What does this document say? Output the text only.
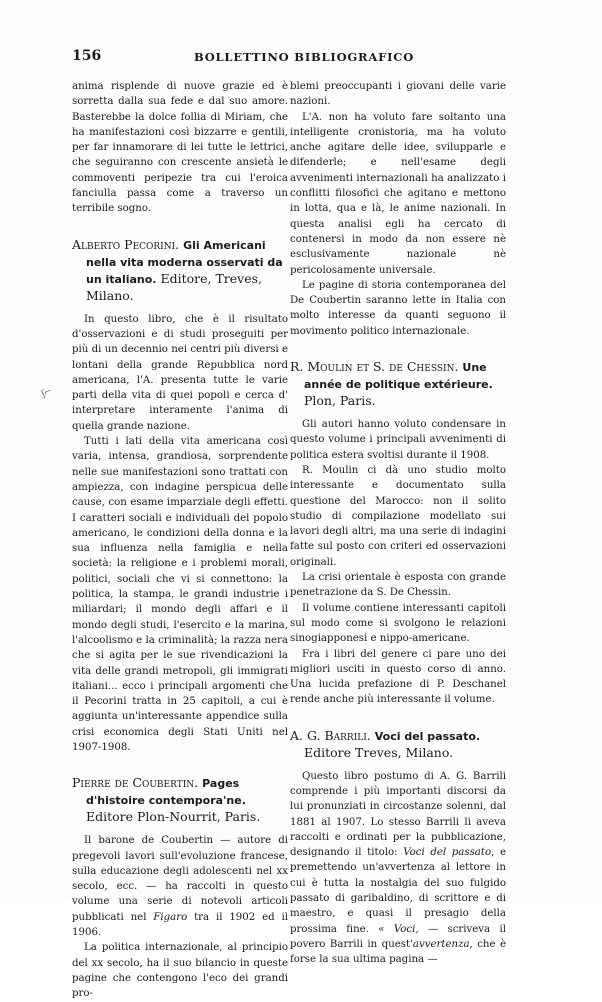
156	BOLLETTINO BIBLIOGRAFICO
ʃ⌐

anima risplende di nuove grazie ed è sorretta dalla sua fede e dal suo amore. Basterebbe la dolce follia di Miriam, che ha manifestazioni così bizzarre e gentili, per far innamorare di lei tutte le lettrici, che seguiranno con crescente ansietà le commoventi peripezie tra cui l'eroica fanciulla passa come a traverso un terribile sogno.

Alberto Pecorini. Gli Americani nella vita moderna osservati da un italiano. Editore, Treves, Milano.

In questo libro, che è il risultato d'osservazioni e di studi proseguiti per più di un decennio nei centri più diversi e lontani della grande Repubblica nord americana, l'A. presenta tutte le varie parti della vita di quei popoli e cerca d' interpretare interamente l'anima di quella grande nazione.

Tutti i lati della vita americana così varia, intensa, grandiosa, sorprendente nelle sue manifestazioni sono trattati con ampiezza, con indagine perspicua delle cause, con esame imparziale degli effetti. I caratteri sociali e individuali del popolo americano, le condizioni della donna e la sua influenza nella famiglia e nella società: la religione e i problemi morali, politici, sociali che vi si connettono: la politica, la stampa, le grandi industrie i miliardari; il mondo degli affari e il mondo degli studi, l'esercito e la marina, l'alcoolismo e la criminalità; la razza nera che si agita per le sue rivendicazioni la vita delle grandi metropoli, gli immigrati italiani... ecco i principali argomenti che il Pecorini tratta in 25 capitoli, a cui è aggiunta un'interessante appendice sulla crisi economica degli Stati Uniti nel 1907-1908.

Pierre de Coubertin. Pages d'histoire contempora'ne. Editore Plon-Nourrit, Paris.

Il barone de Coubertin — autore di pregevoli lavori sull'evoluzione francese, sulla educazione degli adolescenti nel xx secolo, ecc. — ha raccolti in questo volume una serie di notevoli articoli pubblicati nel Figaro tra il 1902 ed il 1906.

La politica internazionale, al principio del xx secolo, ha il suo bilancio in queste pagine che contengono l'eco dei grandi pro-

blemi preoccupanti i giovani delle varie nazioni.

L'A. non ha voluto fare soltanto una intelligente cronistoria, ma ha voluto anche agitare delle idee, svilupparle e difenderle; e nell'esame degli avvenimenti internazionali ha analizzato i conflitti filosofici che agitano e mettono in lotta, qua e là, le anime nazionali. In questa analisi egli ha cercato di contenersi in modo da non essere nè esclusivamente nazionale nè pericolosamente universale.

Le pagine di storia contemporanea del De Coubertin saranno lette in Italia con molto interesse da quanti seguono il movimento politico internazionale.

R. Moulin et S. de Chessin. Une année de politique extérieure. Plon, Paris.

Gli autori hanno voluto condensare in questo volume i principali avvenimenti di politica estera svoltisi durante il 1908.

R. Moulin ci dà uno studio molto interessante e documentato sulla questione del Marocco: non il solito studio di compilazione modellato sui lavori degli altri, ma una serie di indagini fatte sul posto con criteri ed osservazioni originali.

La crisi orientale è esposta con grande penetrazione da S. De Chessin.

Il volume contiene interessanti capitoli sul modo come si svolgono le relazioni sinogiapponesi e nippo-americane.

Fra i libri del genere ci pare uno dei migliori usciti in questo corso di anno. Una lucida prefazione di P. Deschanel rende anche più interessante il volume.

A. G. Barrili. Voci del passato. Editore Treves, Milano.

Questo libro postumo di A. G. Barrili comprende i più importanti discorsi da lui pronunziati in circostanze solenni, dal 1881 al 1907. Lo stesso Barrili li aveva raccolti e ordinati per la pubblicazione, designando il titolo: Voci del passato, e premettendo un'avvertenza al lettore in cui è tutta la nostalgia del suo fulgido passato di garibaldino, di scrittore e di maestro, e quasi il presagio della prossima fine. « Voci, — scriveva il povero Barrili in quest'avvertenza, che è forse la sua ultima pagina —
